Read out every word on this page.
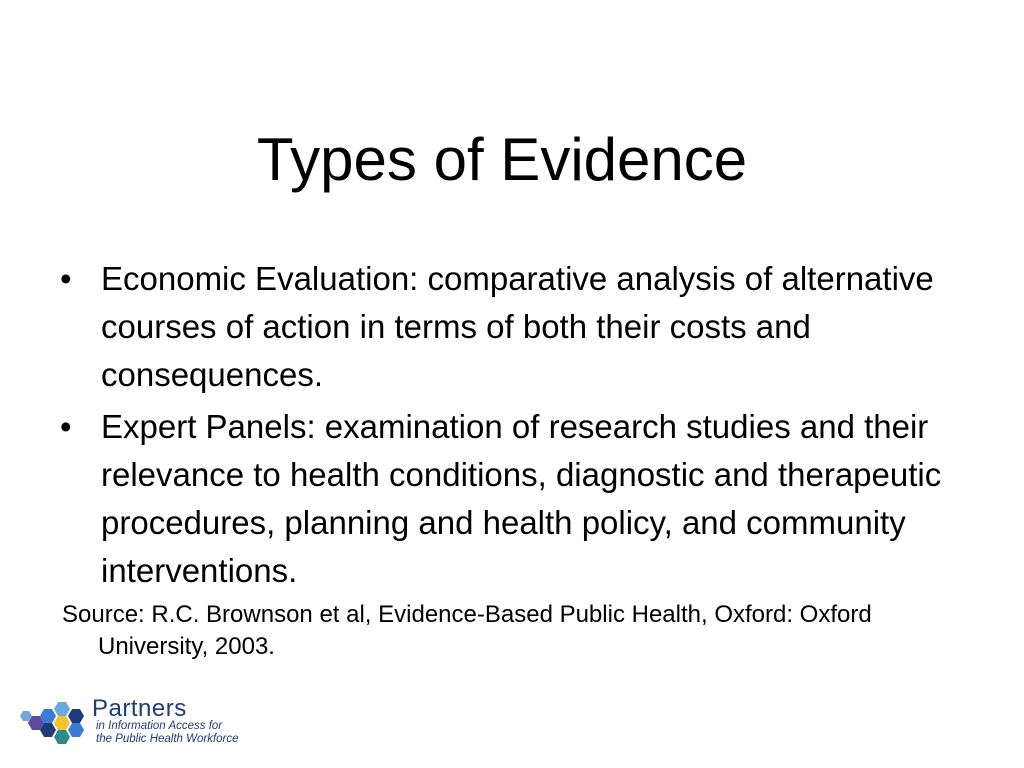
Types of Evidence

• Economic Evaluation: comparative analysis of alternative courses of action in terms of both their costs and consequences.

• Expert Panels: examination of research studies and their relevance to health conditions, diagnostic and therapeutic procedures, planning and health policy, and community interventions.

Source: R.C. Brownson et al, Evidence-Based Public Health, Oxford: Oxford University, 2003.

Partners
in Information Access for
the Public Health Workforce
